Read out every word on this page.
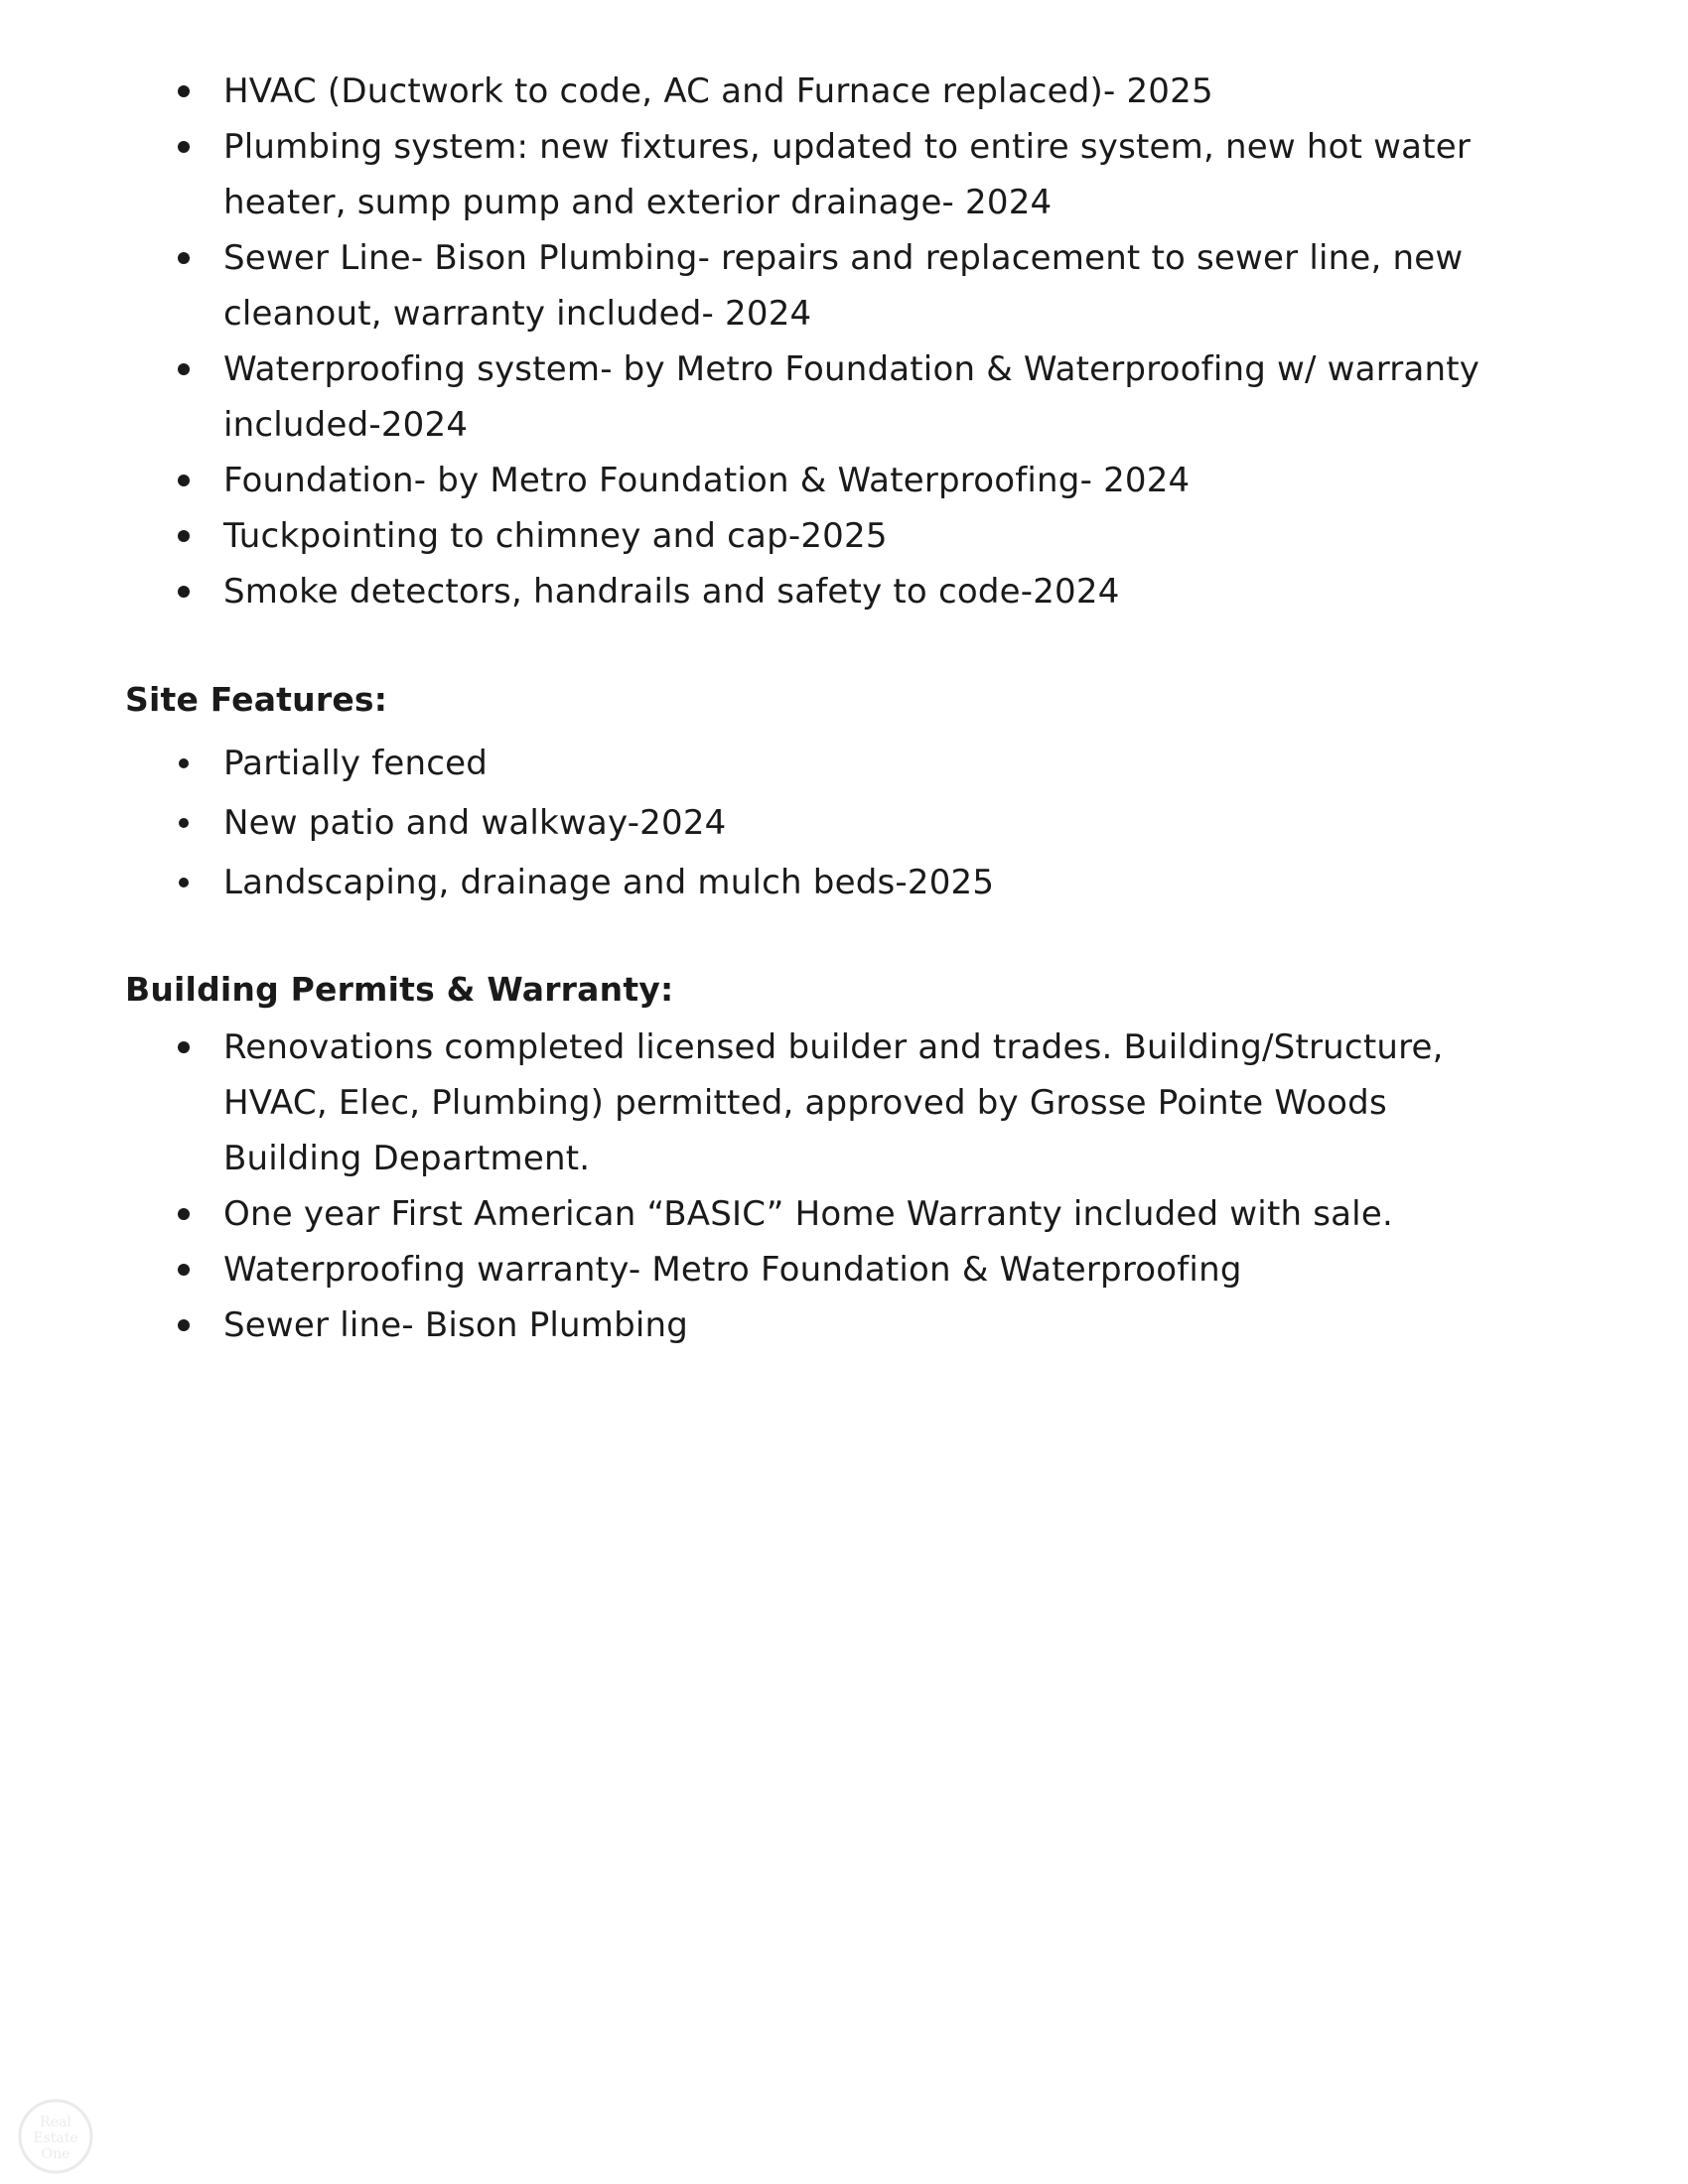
HVAC (Ductwork to code, AC and Furnace replaced)- 2025
Plumbing system: new fixtures, updated to entire system, new hot water heater, sump pump and exterior drainage- 2024
Sewer Line- Bison Plumbing- repairs and replacement to sewer line, new cleanout, warranty included- 2024
Waterproofing system- by Metro Foundation & Waterproofing w/ warranty included-2024
Foundation- by Metro Foundation & Waterproofing- 2024
Tuckpointing to chimney and cap-2025
Smoke detectors, handrails and safety to code-2024
Site Features:
Partially fenced
New patio and walkway-2024
Landscaping, drainage and mulch beds-2025
Building Permits & Warranty:
Renovations completed licensed builder and trades. Building/Structure, HVAC, Elec, Plumbing) permitted, approved by Grosse Pointe Woods Building Department.
One year First American “BASIC” Home Warranty included with sale.
Waterproofing warranty- Metro Foundation & Waterproofing
Sewer line- Bison Plumbing
Real
Estate
One
